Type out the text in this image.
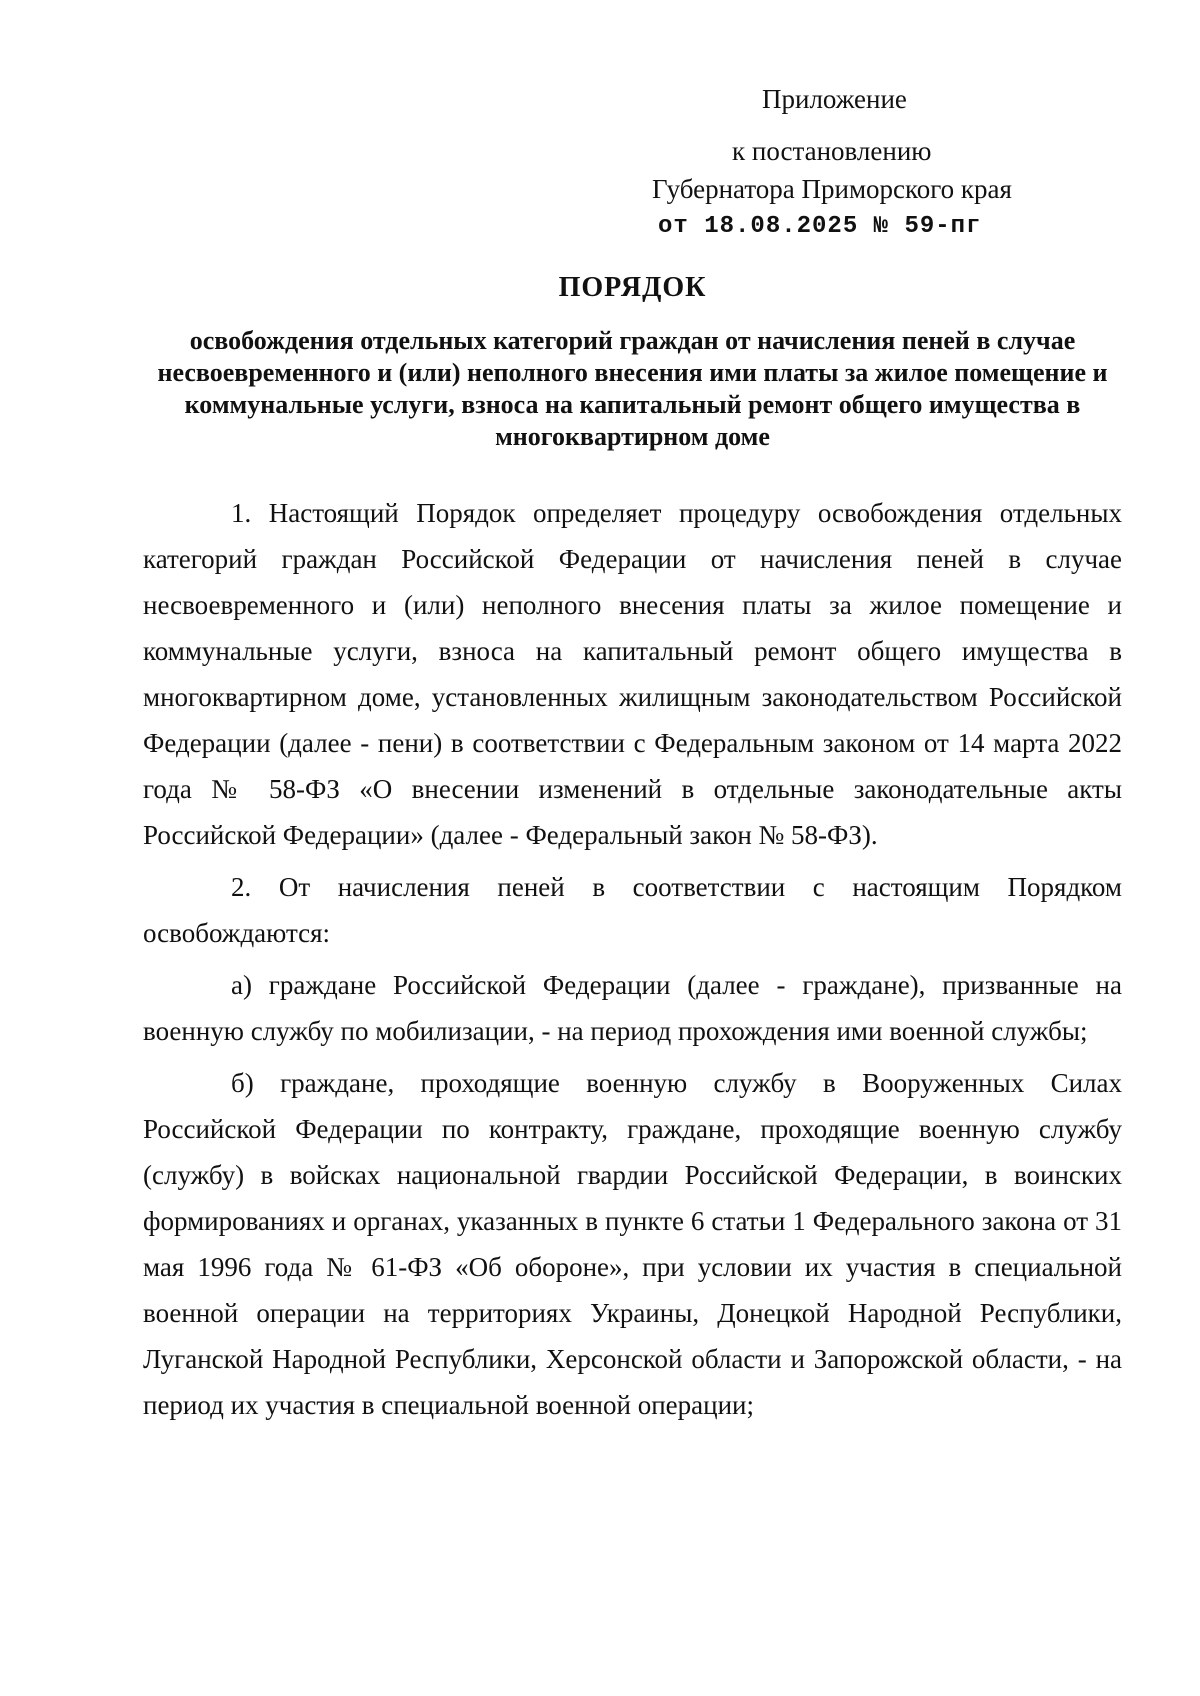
Приложение
к постановлению
Губернатора Приморского края
от 18.08.2025 № 59-пг
ПОРЯДОК
освобождения отдельных категорий граждан от начисления пеней в случае несвоевременного и (или) неполного внесения ими платы за жилое помещение и коммунальные услуги, взноса на капитальный ремонт общего имущества в многоквартирном доме

1. Настоящий Порядок определяет процедуру освобождения отдельных категорий граждан Российской Федерации от начисления пеней в случае несвоевременного и (или) неполного внесения платы за жилое помещение и коммунальные услуги, взноса на капитальный ремонт общего имущества в многоквартирном доме, установленных жилищным законодательством Российской Федерации (далее - пени) в соответствии с Федеральным законом от 14 марта 2022 года № 58-ФЗ «О внесении изменений в отдельные законодательные акты Российской Федерации» (далее - Федеральный закон № 58-ФЗ).

2. От начисления пеней в соответствии с настоящим Порядком освобождаются:

а) граждане Российской Федерации (далее - граждане), призванные на военную службу по мобилизации, - на период прохождения ими военной службы;

б) граждане, проходящие военную службу в Вооруженных Силах Российской Федерации по контракту, граждане, проходящие военную службу (службу) в войсках национальной гвардии Российской Федерации, в воинских формированиях и органах, указанных в пункте 6 статьи 1 Федерального закона от 31 мая 1996 года № 61-ФЗ «Об обороне», при условии их участия в специальной военной операции на территориях Украины, Донецкой Народной Республики, Луганской Народной Республики, Херсонской области и Запорожской области, - на период их участия в специальной военной операции;
